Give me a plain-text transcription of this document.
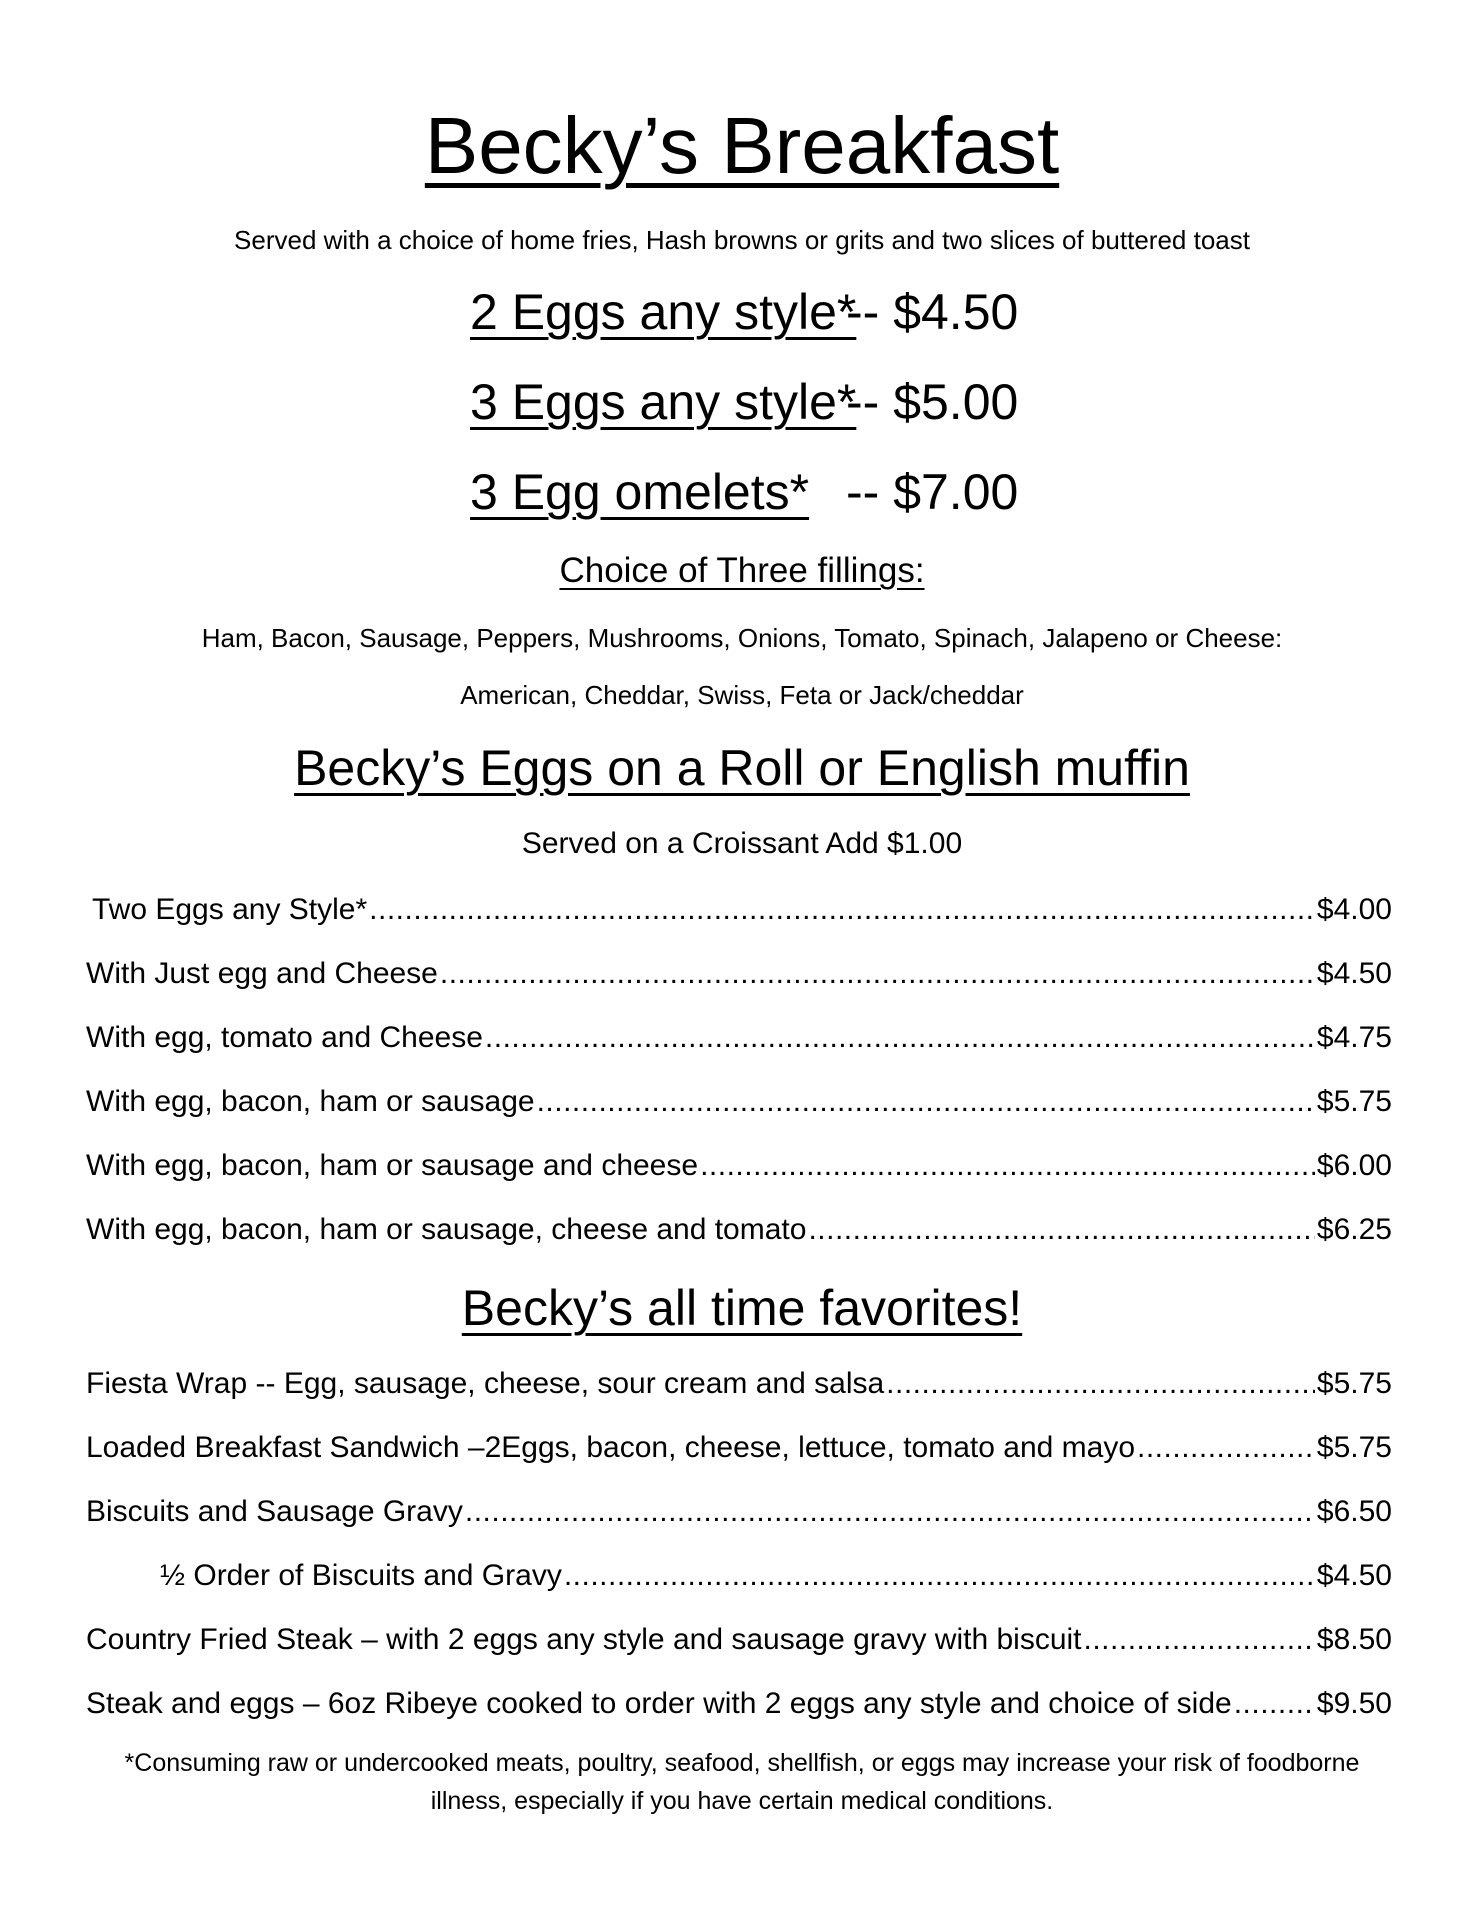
Becky’s Breakfast
Served with a choice of home fries, Hash browns or grits and two slices of buttered toast
2 Eggs any style*
-- $4.50
3 Eggs any style*
-- $5.00
3 Egg omelets* -- $7.00
Choice of Three fillings:
Ham, Bacon, Sausage, Peppers, Mushrooms, Onions, Tomato, Spinach, Jalapeno or Cheese:
American, Cheddar, Swiss, Feta or Jack/cheddar
Becky’s Eggs on a Roll or English muffin
Served on a Croissant Add $1.00
Two Eggs any Style* .....	$4.00
With Just egg and Cheese .....	$4.50
With egg, tomato and Cheese .....	$4.75
With egg, bacon, ham or sausage .....	$5.75
With egg, bacon, ham or sausage and cheese .....	$6.00
With egg, bacon, ham or sausage, cheese and tomato .....	$6.25
Becky’s all time favorites!
Fiesta Wrap -- Egg, sausage, cheese, sour cream and salsa .....	$5.75
Loaded Breakfast Sandwich –2Eggs, bacon, cheese, lettuce, tomato and mayo .....	$5.75
Biscuits and Sausage Gravy .....	$6.50
½ Order of Biscuits and Gravy .....	$4.50
Country Fried Steak – with 2 eggs any style and sausage gravy with biscuit .....	$8.50
Steak and eggs – 6oz Ribeye cooked to order with 2 eggs any style and choice of side .....	$9.50
*Consuming raw or undercooked meats, poultry, seafood, shellfish, or eggs may increase your risk of foodborne illness, especially if you have certain medical conditions.
